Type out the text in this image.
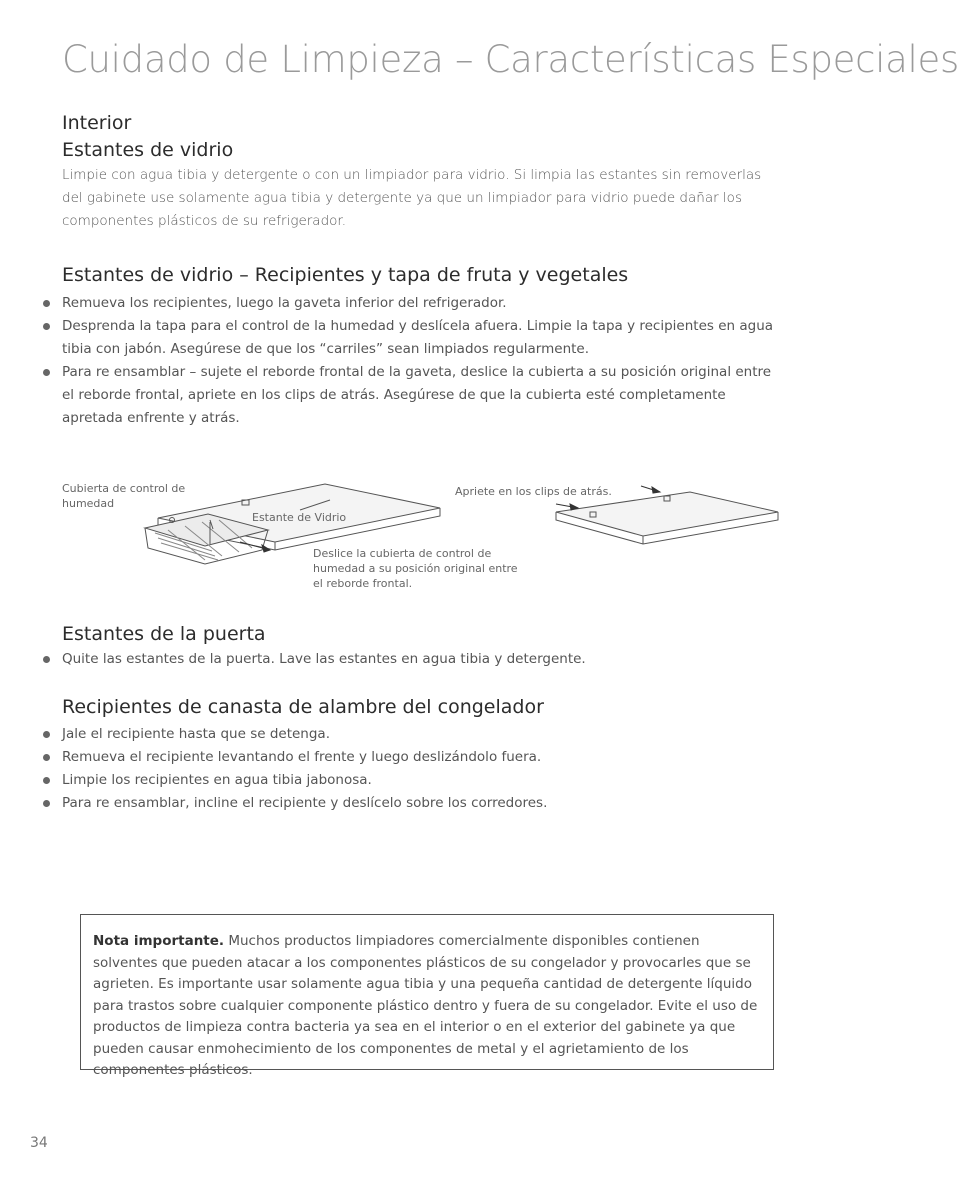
Cuidado de Limpieza – Características Especiales
Interior
Estantes de vidrio

Limpie con agua tibia y detergente o con un limpiador para vidrio. Si limpia las estantes sin removerlas del gabinete use solamente agua tibia y detergente ya que un limpiador para vidrio puede dañar los componentes plásticos de su refrigerador.

Estantes de vidrio – Recipientes y tapa de fruta y vegetales
Remueva los recipientes, luego la gaveta inferior del refrigerador.
Desprenda la tapa para el control de la humedad y deslícela afuera. Limpie la tapa y recipientes en agua tibia con jabón. Asegúrese de que los “carriles” sean limpiados regularmente.
Para re ensamblar – sujete el reborde frontal de la gaveta, deslice la cubierta a su posición original entre el reborde frontal, apriete en los clips de atrás. Asegúrese de que la cubierta esté completamente apretada enfrente y atrás.
Cubierta de control de humedad
Estante de Vidrio
Deslice la cubierta de control de humedad a su posición original entre el reborde frontal.
Apriete en los clips de atrás.
Estantes de la puerta
Quite las estantes de la puerta. Lave las estantes en agua tibia y detergente.
Recipientes de canasta de alambre del congelador
Jale el recipiente hasta que se detenga.
Remueva el recipiente levantando el frente y luego deslizándolo fuera.
Limpie los recipientes en agua tibia jabonosa.
Para re ensamblar, incline el recipiente y deslícelo sobre los corredores.

Nota importante. Muchos productos limpiadores comercialmente disponibles contienen solventes que pueden atacar a los componentes plásticos de su congelador y provocarles que se agrieten. Es importante usar solamente agua tibia y una pequeña cantidad de detergente líquido para trastos sobre cualquier componente plástico dentro y fuera de su congelador. Evite el uso de productos de limpieza contra bacteria ya sea en el interior o en el exterior del gabinete ya que pueden causar enmohecimiento de los componentes de metal y el agrietamiento de los componentes plásticos.

34
